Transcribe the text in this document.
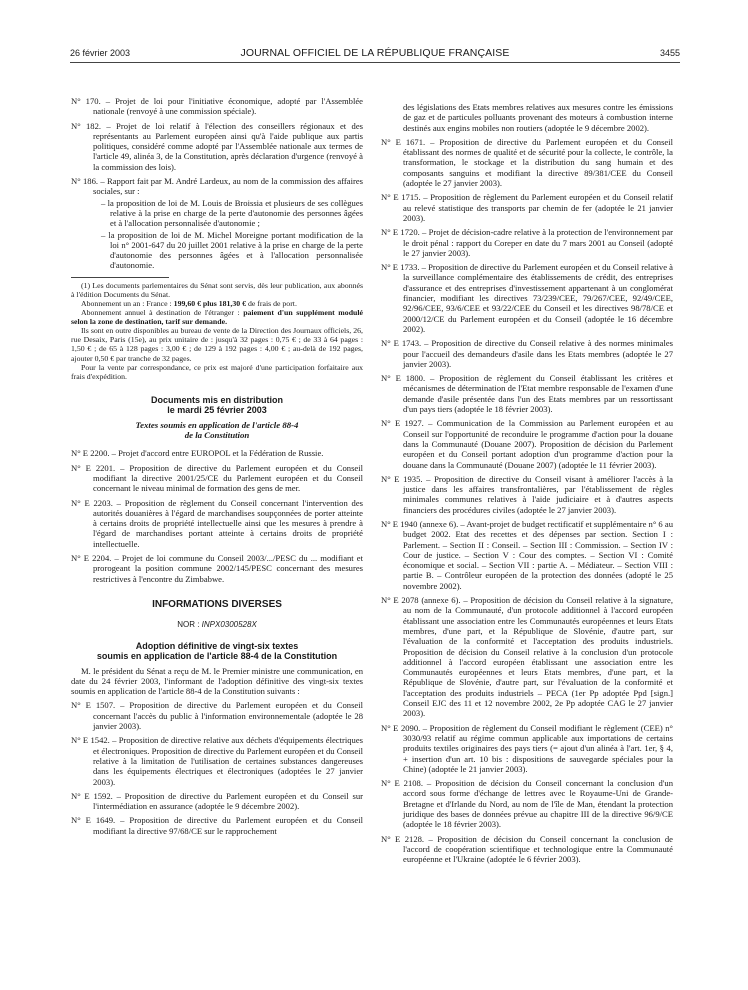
26 février 2003	JOURNAL OFFICIEL DE LA RÉPUBLIQUE FRANÇAISE	3455

N° 170. – Projet de loi pour l'initiative économique, adopté par l'Assemblée nationale (renvoyé à une commission spéciale).

N° 182. – Projet de loi relatif à l'élection des conseillers régionaux et des représentants au Parlement européen ainsi qu'à l'aide publique aux partis politiques, considéré comme adopté par l'Assemblée nationale aux termes de l'article 49, alinéa 3, de la Constitution, après déclaration d'urgence (renvoyé à la commission des lois).

N° 186. – Rapport fait par M. André Lardeux, au nom de la commission des affaires sociales, sur :

– la proposition de loi de M. Louis de Broissia et plusieurs de ses collègues relative à la prise en charge de la perte d'autonomie des personnes âgées et à l'allocation personnalisée d'autonomie ;

– la proposition de loi de M. Michel Moreigne portant modification de la loi n° 2001-647 du 20 juillet 2001 relative à la prise en charge de la perte d'autonomie des personnes âgées et à l'allocation personnalisée d'autonomie.

(1) Les documents parlementaires du Sénat sont servis, dès leur publication, aux abonnés à l'édition Documents du Sénat.

Abonnement un an : France : 199,60 € plus 181,30 € de frais de port.

Abonnement annuel à destination de l'étranger : paiement d'un supplément modulé selon la zone de destination, tarif sur demande.

Ils sont en outre disponibles au bureau de vente de la Direction des Journaux officiels, 26, rue Desaix, Paris (15e), au prix unitaire de : jusqu'à 32 pages : 0,75 € ; de 33 à 64 pages : 1,50 € ; de 65 à 128 pages : 3,00 € ; de 129 à 192 pages : 4,00 € ; au-delà de 192 pages, ajouter 0,50 € par tranche de 32 pages.

Pour la vente par correspondance, ce prix est majoré d'une participation forfaitaire aux frais d'expédition.

Documents mis en distribution
le mardi 25 février 2003
Textes soumis en application de l'article 88-4
de la Constitution

N° E 2200. – Projet d'accord entre EUROPOL et la Fédération de Russie.

N° E 2201. – Proposition de directive du Parlement européen et du Conseil modifiant la directive 2001/25/CE du Parlement européen et du Conseil concernant le niveau minimal de formation des gens de mer.

N° E 2203. – Proposition de règlement du Conseil concernant l'intervention des autorités douanières à l'égard de marchandises soupçonnées de porter atteinte à certains droits de propriété intellectuelle ainsi que les mesures à prendre à l'égard de marchandises portant atteinte à certains droits de propriété intellectuelle.

N° E 2204. – Projet de loi commune du Conseil 2003/.../PESC du ... modifiant et prorogeant la position commune 2002/145/PESC concernant des mesures restrictives à l'encontre du Zimbabwe.

INFORMATIONS DIVERSES
NOR : INPX0300528X
Adoption définitive de vingt-six textes
soumis en application de l'article 88-4 de la Constitution

M. le président du Sénat a reçu de M. le Premier ministre une communication, en date du 24 février 2003, l'informant de l'adoption définitive des vingt-six textes soumis en application de l'article 88-4 de la Constitution suivants :

N° E 1507. – Proposition de directive du Parlement européen et du Conseil concernant l'accès du public à l'information environnementale (adoptée le 28 janvier 2003).

N° E 1542. – Proposition de directive relative aux déchets d'équipements électriques et électroniques. Proposition de directive du Parlement européen et du Conseil relative à la limitation de l'utilisation de certaines substances dangereuses dans les équipements électriques et électroniques (adoptées le 27 janvier 2003).

N° E 1592. – Proposition de directive du Parlement européen et du Conseil sur l'intermédiation en assurance (adoptée le 9 décembre 2002).

N° E 1649. – Proposition de directive du Parlement européen et du Conseil modifiant la directive 97/68/CE sur le rapprochement

des législations des Etats membres relatives aux mesures contre les émissions de gaz et de particules polluants provenant des moteurs à combustion interne destinés aux engins mobiles non routiers (adoptée le 9 décembre 2002).

N° E 1671. – Proposition de directive du Parlement européen et du Conseil établissant des normes de qualité et de sécurité pour la collecte, le contrôle, la transformation, le stockage et la distribution du sang humain et des composants sanguins et modifiant la directive 89/381/CEE du Conseil (adoptée le 27 janvier 2003).

N° E 1715. – Proposition de règlement du Parlement européen et du Conseil relatif au relevé statistique des transports par chemin de fer (adoptée le 21 janvier 2003).

N° E 1720. – Projet de décision-cadre relative à la protection de l'environnement par le droit pénal : rapport du Coreper en date du 7 mars 2001 au Conseil (adopté le 27 janvier 2003).

N° E 1733. – Proposition de directive du Parlement européen et du Conseil relative à la surveillance complémentaire des établissements de crédit, des entreprises d'assurance et des entreprises d'investissement appartenant à un conglomérat financier, modifiant les directives 73/239/CEE, 79/267/CEE, 92/49/CEE, 92/96/CEE, 93/6/CEE et 93/22/CEE du Conseil et les directives 98/78/CE et 2000/12/CE du Parlement européen et du Conseil (adoptée le 16 décembre 2002).

N° E 1743. – Proposition de directive du Conseil relative à des normes minimales pour l'accueil des demandeurs d'asile dans les Etats membres (adoptée le 27 janvier 2003).

N° E 1800. – Proposition de règlement du Conseil établissant les critères et mécanismes de détermination de l'Etat membre responsable de l'examen d'une demande d'asile présentée dans l'un des Etats membres par un ressortissant d'un pays tiers (adoptée le 18 février 2003).

N° E 1927. – Communication de la Commission au Parlement européen et au Conseil sur l'opportunité de reconduire le programme d'action pour la douane dans la Communauté (Douane 2007). Proposition de décision du Parlement européen et du Conseil portant adoption d'un programme d'action pour la douane dans la Communauté (Douane 2007) (adoptée le 11 février 2003).

N° E 1935. – Proposition de directive du Conseil visant à améliorer l'accès à la justice dans les affaires transfrontalières, par l'établissement de règles minimales communes relatives à l'aide judiciaire et à d'autres aspects financiers des procédures civiles (adoptée le 27 janvier 2003).

N° E 1940 (annexe 6). – Avant-projet de budget rectificatif et supplémentaire n° 6 au budget 2002. Etat des recettes et des dépenses par section. Section I : Parlement. – Section II : Conseil. – Section III : Commission. – Section IV : Cour de justice. – Section V : Cour des comptes. – Section VI : Comité économique et social. – Section VII : partie A. – Médiateur. – Section VIII : partie B. – Contrôleur européen de la protection des données (adopté le 25 novembre 2002).

N° E 2078 (annexe 6). – Proposition de décision du Conseil relative à la signature, au nom de la Communauté, d'un protocole additionnel à l'accord européen établissant une association entre les Communautés européennes et leurs Etats membres, d'une part, et la République de Slovénie, d'autre part, sur l'évaluation de la conformité et l'acceptation des produits industriels. Proposition de décision du Conseil relative à la conclusion d'un protocole additionnel à l'accord européen établissant une association entre les Communautés européennes et leurs Etats membres, d'une part, et la République de Slovénie, d'autre part, sur l'évaluation de la conformité et l'acceptation des produits industriels – PECA (1er Pp adoptée Ppd [sign.] Conseil EJC des 11 et 12 novembre 2002, 2e Pp adoptée CAG le 27 janvier 2003).

N° E 2090. – Proposition de règlement du Conseil modifiant le règlement (CEE) n° 3030/93 relatif au régime commun applicable aux importations de certains produits textiles originaires des pays tiers (= ajout d'un alinéa à l'art. 1er, § 4, + insertion d'un art. 10 bis : dispositions de sauvegarde spéciales pour la Chine) (adoptée le 21 janvier 2003).

N° E 2108. – Proposition de décision du Conseil concernant la conclusion d'un accord sous forme d'échange de lettres avec le Royaume-Uni de Grande-Bretagne et d'Irlande du Nord, au nom de l'île de Man, étendant la protection juridique des bases de données prévue au chapitre III de la directive 96/9/CE (adoptée le 18 février 2003).

N° E 2128. – Proposition de décision du Conseil concernant la conclusion de l'accord de coopération scientifique et technologique entre la Communauté européenne et l'Ukraine (adoptée le 6 février 2003).
